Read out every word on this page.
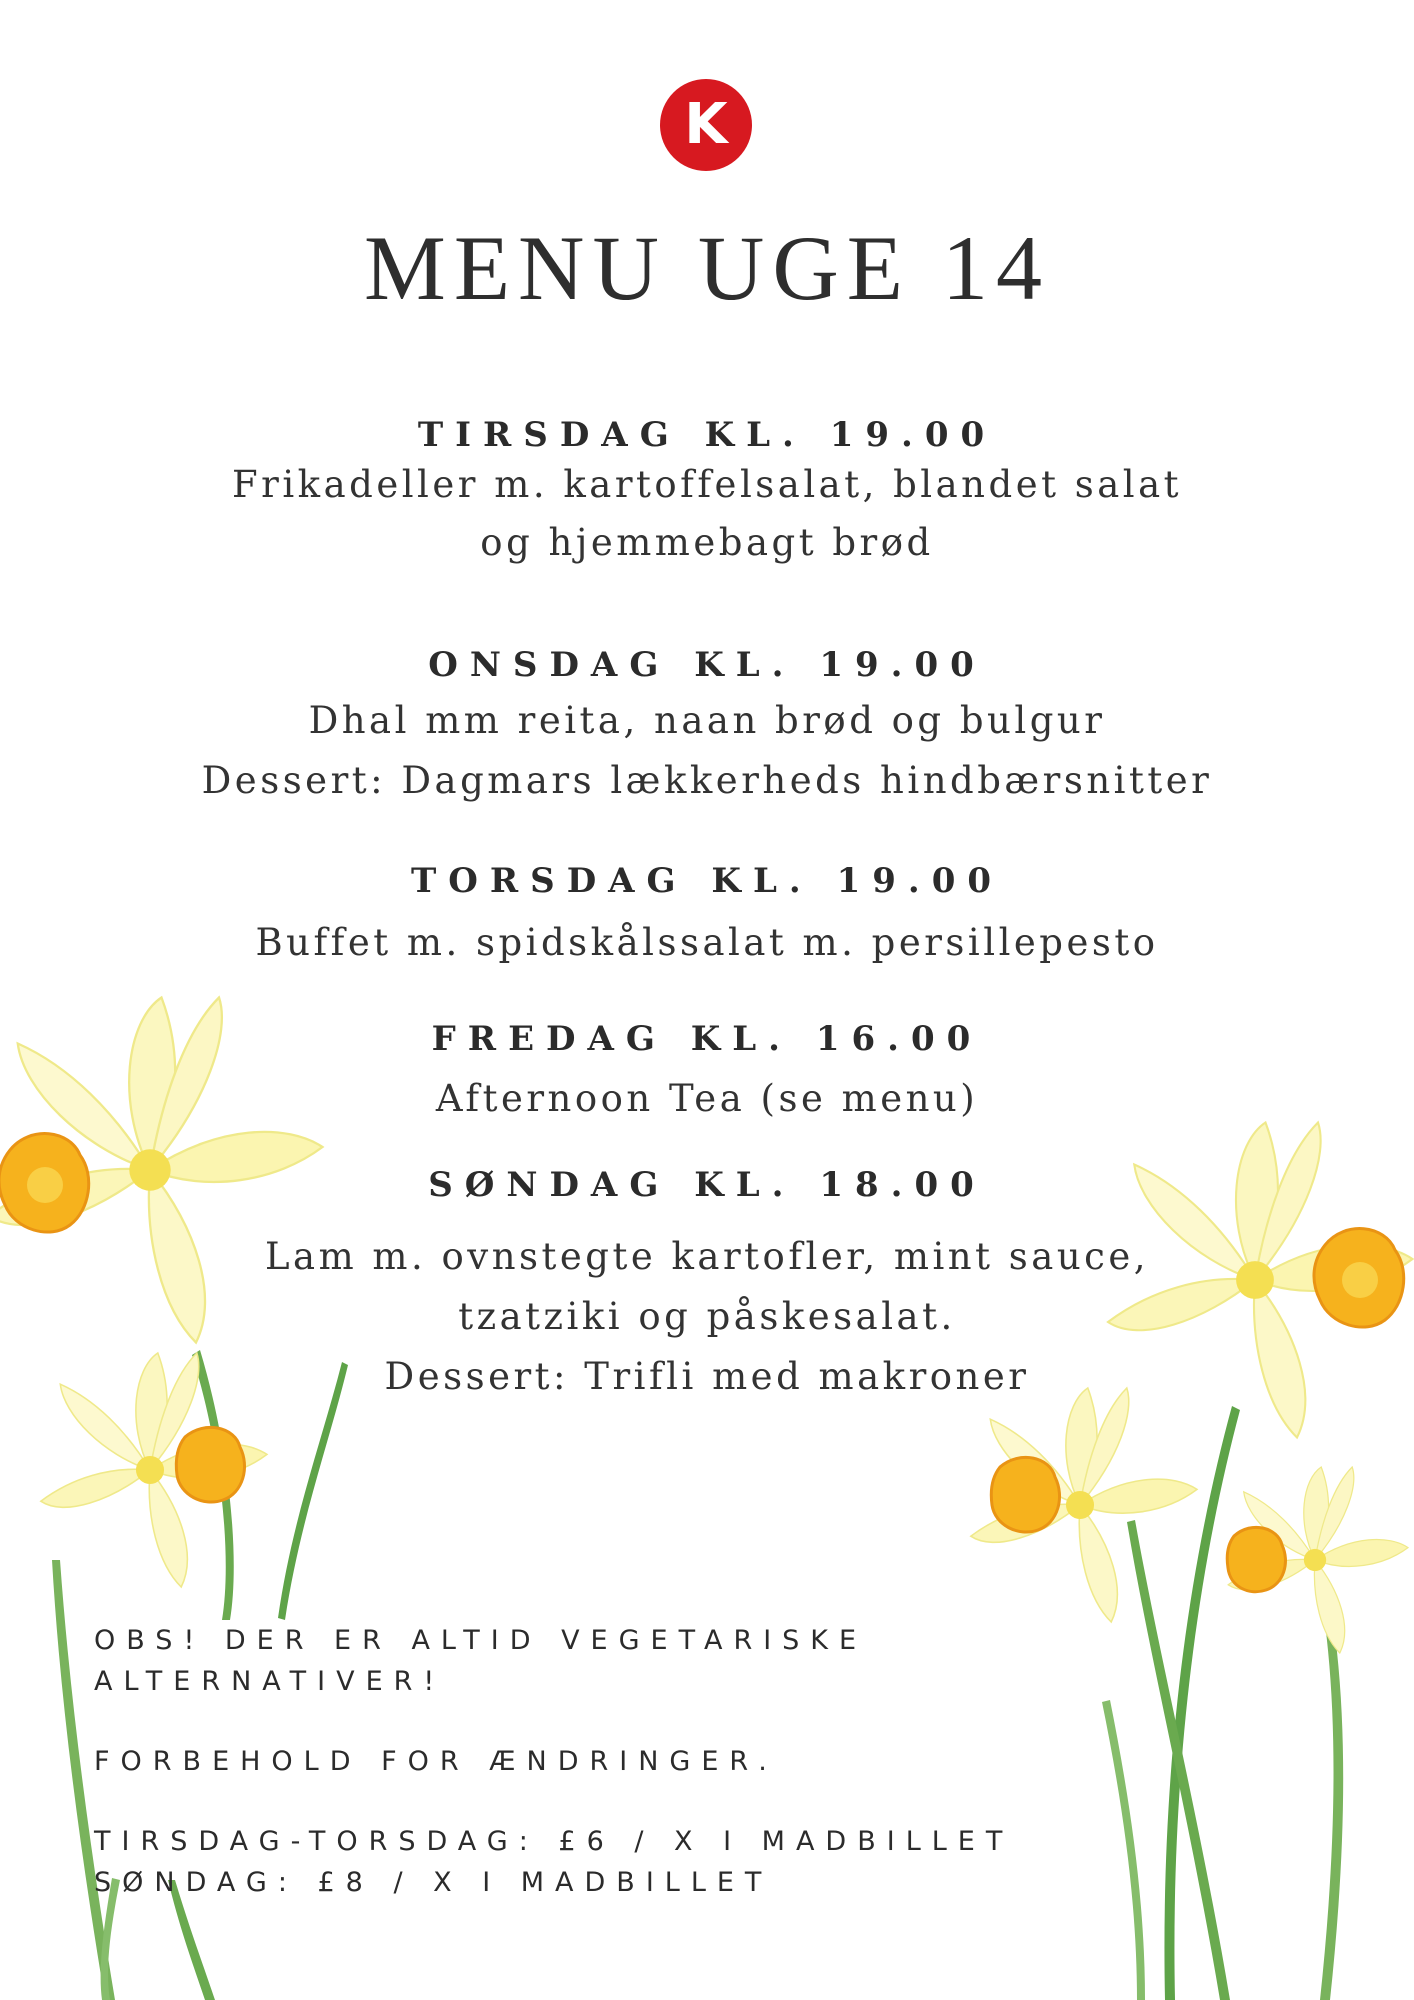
K
MENU UGE 14
TIRSDAG KL. 19.00
Frikadeller m. kartoffelsalat, blandet salat
og hjemmebagt brød
ONSDAG KL. 19.00
Dhal mm reita, naan brød og bulgur
Dessert: Dagmars lækkerheds hindbærsnitter
TORSDAG KL. 19.00
Buffet m. spidskålssalat m. persillepesto
FREDAG KL. 16.00
Afternoon Tea (se menu)
SØNDAG KL. 18.00
Lam m. ovnstegte kartofler, mint sauce,
tzatziki og påskesalat.
Dessert: Trifli med makroner
OBS! DER ER ALTID VEGETARISKE
ALTERNATIVER!
FORBEHOLD FOR ÆNDRINGER.
TIRSDAG-TORSDAG: £6 / X I MADBILLET
SØNDAG: £8 / X I MADBILLET
